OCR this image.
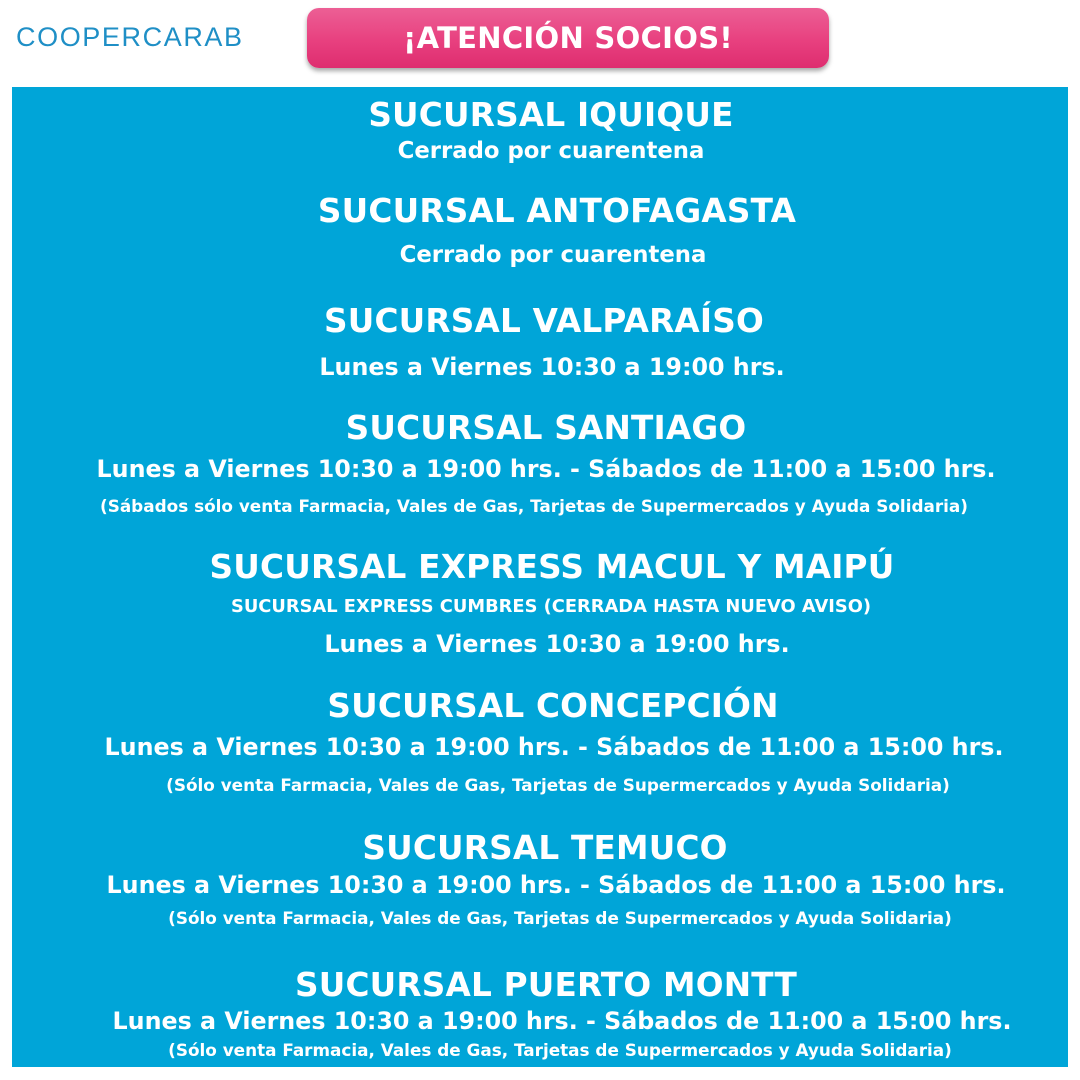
COOPERCARAB	¡ATENCIÓN SOCIOS!
SUCURSAL IQUIQUE
Cerrado por cuarentena
SUCURSAL ANTOFAGASTA
Cerrado por cuarentena
SUCURSAL VALPARAÍSO
Lunes a Viernes 10:30 a 19:00 hrs.
SUCURSAL SANTIAGO
Lunes a Viernes 10:30 a 19:00 hrs. - Sábados de 11:00 a 15:00 hrs.
(Sábados sólo venta Farmacia, Vales de Gas, Tarjetas de Supermercados y Ayuda Solidaria)
SUCURSAL EXPRESS MACUL Y MAIPÚ
SUCURSAL EXPRESS CUMBRES (CERRADA HASTA NUEVO AVISO)
Lunes a Viernes 10:30 a 19:00 hrs.
SUCURSAL CONCEPCIÓN
Lunes a Viernes 10:30 a 19:00 hrs. - Sábados de 11:00 a 15:00 hrs.
(Sólo venta Farmacia, Vales de Gas, Tarjetas de Supermercados y Ayuda Solidaria)
SUCURSAL TEMUCO
Lunes a Viernes 10:30 a 19:00 hrs. - Sábados de 11:00 a 15:00 hrs.
(Sólo venta Farmacia, Vales de Gas, Tarjetas de Supermercados y Ayuda Solidaria)
SUCURSAL PUERTO MONTT
Lunes a Viernes 10:30 a 19:00 hrs. - Sábados de 11:00 a 15:00 hrs.
(Sólo venta Farmacia, Vales de Gas, Tarjetas de Supermercados y Ayuda Solidaria)
